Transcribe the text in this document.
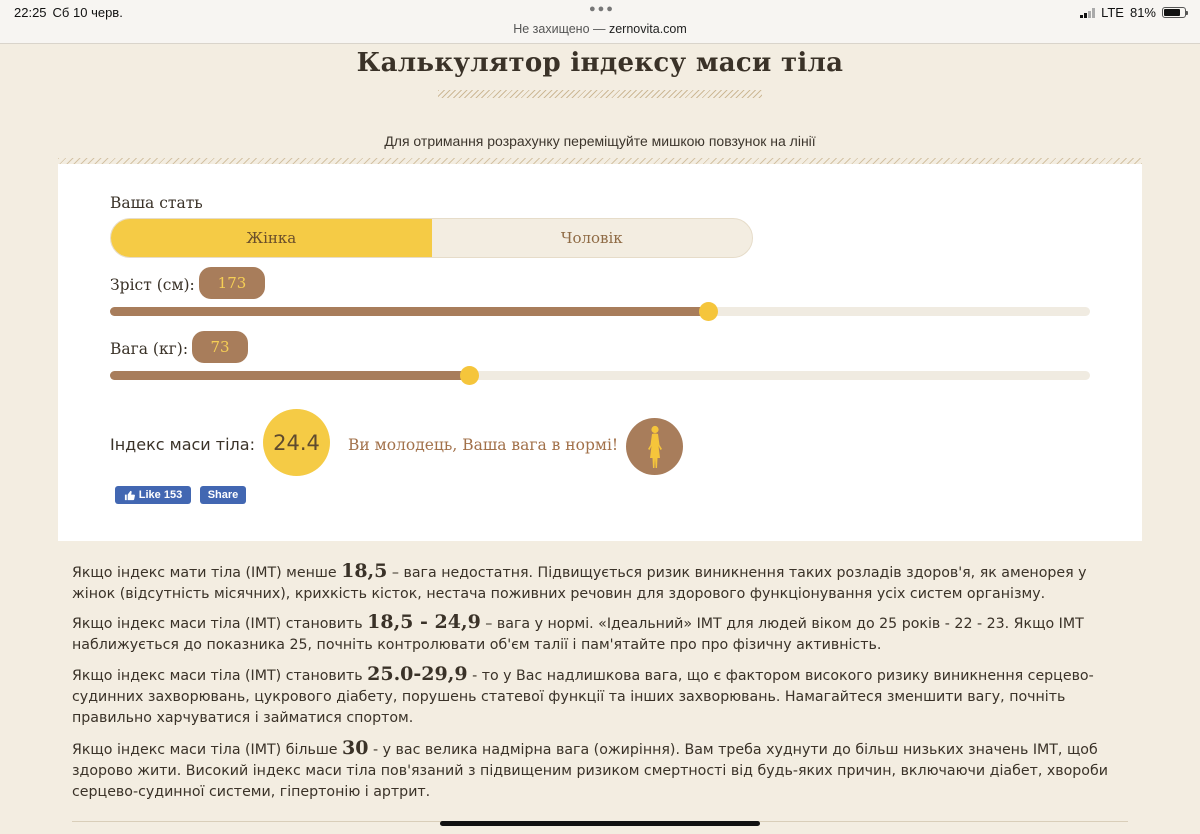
22:25 Сб 10 черв.	●●●
Не захищено — zernovita.com
LTE 81%
Калькулятор індексу маси тіла
Для отримання розрахунку переміщуйте мишкою повзунок на лінії
Ваша стать
Жінка	Чоловік
Зріст (см):	173
Вага (кг):	73
Індекс маси тіла: 24.4	Ви молодець, Ваша вага в нормі!
Like 153	Share

Якщо індекс мати тіла (ІМТ) менше 18,5 – вага недостатня. Підвищується ризик виникнення таких розладів здоров'я, як аменорея у жінок (відсутність місячних), крихкість кісток, нестача поживних речовин для здорового функціонування усіх систем організму.

Якщо індекс маси тіла (ІМТ) становить 18,5 - 24,9 – вага у нормі. «Ідеальний» ІМТ для людей віком до 25 років - 22 - 23. Якщо ІМТ наближується до показника 25, почніть контролювати об'єм талії і пам'ятайте про про фізичну активність.

Якщо індекс маси тіла (ІМТ) становить 25.0-29,9 - то у Вас надлишкова вага, що є фактором високого ризику виникнення серцево-судинних захворювань, цукрового діабету, порушень статевої функції та інших захворювань. Намагайтеся зменшити вагу, почніть правильно харчуватися і займатися спортом.

Якщо індекс маси тіла (ІМТ) більше 30 - у вас велика надмірна вага (ожиріння). Вам треба худнути до більш низьких значень ІМТ, щоб здорово жити. Високий індекс маси тіла пов'язаний з підвищеним ризиком смертності від будь-яких причин, включаючи діабет, хвороби серцево-судинної системи, гіпертонію і артрит.
